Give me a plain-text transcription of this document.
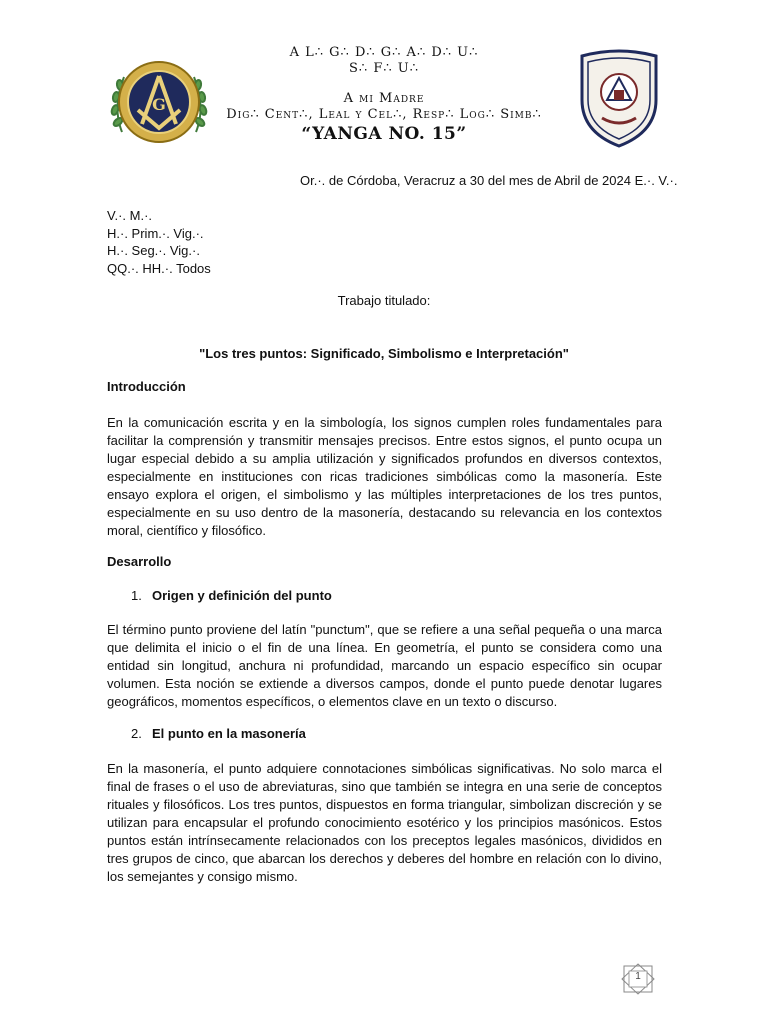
G
A L∴ G∴ D∴ G∴ A∴ D∴ U∴
S∴ F∴ U∴
A mi Madre
Dig∴ Cent∴, Leal y Cel∴, Resp∴ Log∴ Simb∴
“YANGA NO. 15”
Or.·. de Córdoba, Veracruz a 30 del mes de Abril de 2024 E.·. V.·.
V.·. M.·.
H.·. Prim.·. Vig.·.
H.·. Seg.·. Vig.·.
QQ.·. HH.·. Todos
Trabajo titulado:
"Los tres puntos: Significado, Simbolismo e Interpretación"
Introducción
En la comunicación escrita y en la simbología, los signos cumplen roles fundamentales para facilitar la comprensión y transmitir mensajes precisos. Entre estos signos, el punto ocupa un lugar especial debido a su amplia utilización y significados profundos en diversos contextos, especialmente en instituciones con ricas tradiciones simbólicas como la masonería. Este ensayo explora el origen, el simbolismo y las múltiples interpretaciones de los tres puntos, especialmente en su uso dentro de la masonería, destacando su relevancia en los contextos moral, científico y filosófico.
Desarrollo
1. Origen y definición del punto
El término punto proviene del latín "punctum", que se refiere a una señal pequeña o una marca que delimita el inicio o el fin de una línea. En geometría, el punto se considera como una entidad sin longitud, anchura ni profundidad, marcando un espacio específico sin ocupar volumen. Esta noción se extiende a diversos campos, donde el punto puede denotar lugares geográficos, momentos específicos, o elementos clave en un texto o discurso.
2. El punto en la masonería
En la masonería, el punto adquiere connotaciones simbólicas significativas. No solo marca el final de frases o el uso de abreviaturas, sino que también se integra en una serie de conceptos rituales y filosóficos. Los tres puntos, dispuestos en forma triangular, simbolizan discreción y se utilizan para encapsular el profundo conocimiento esotérico y los principios masónicos. Estos puntos están intrínsecamente relacionados con los preceptos legales masónicos, divididos en tres grupos de cinco, que abarcan los derechos y deberes del hombre en relación con lo divino, los semejantes y consigo mismo.
1
